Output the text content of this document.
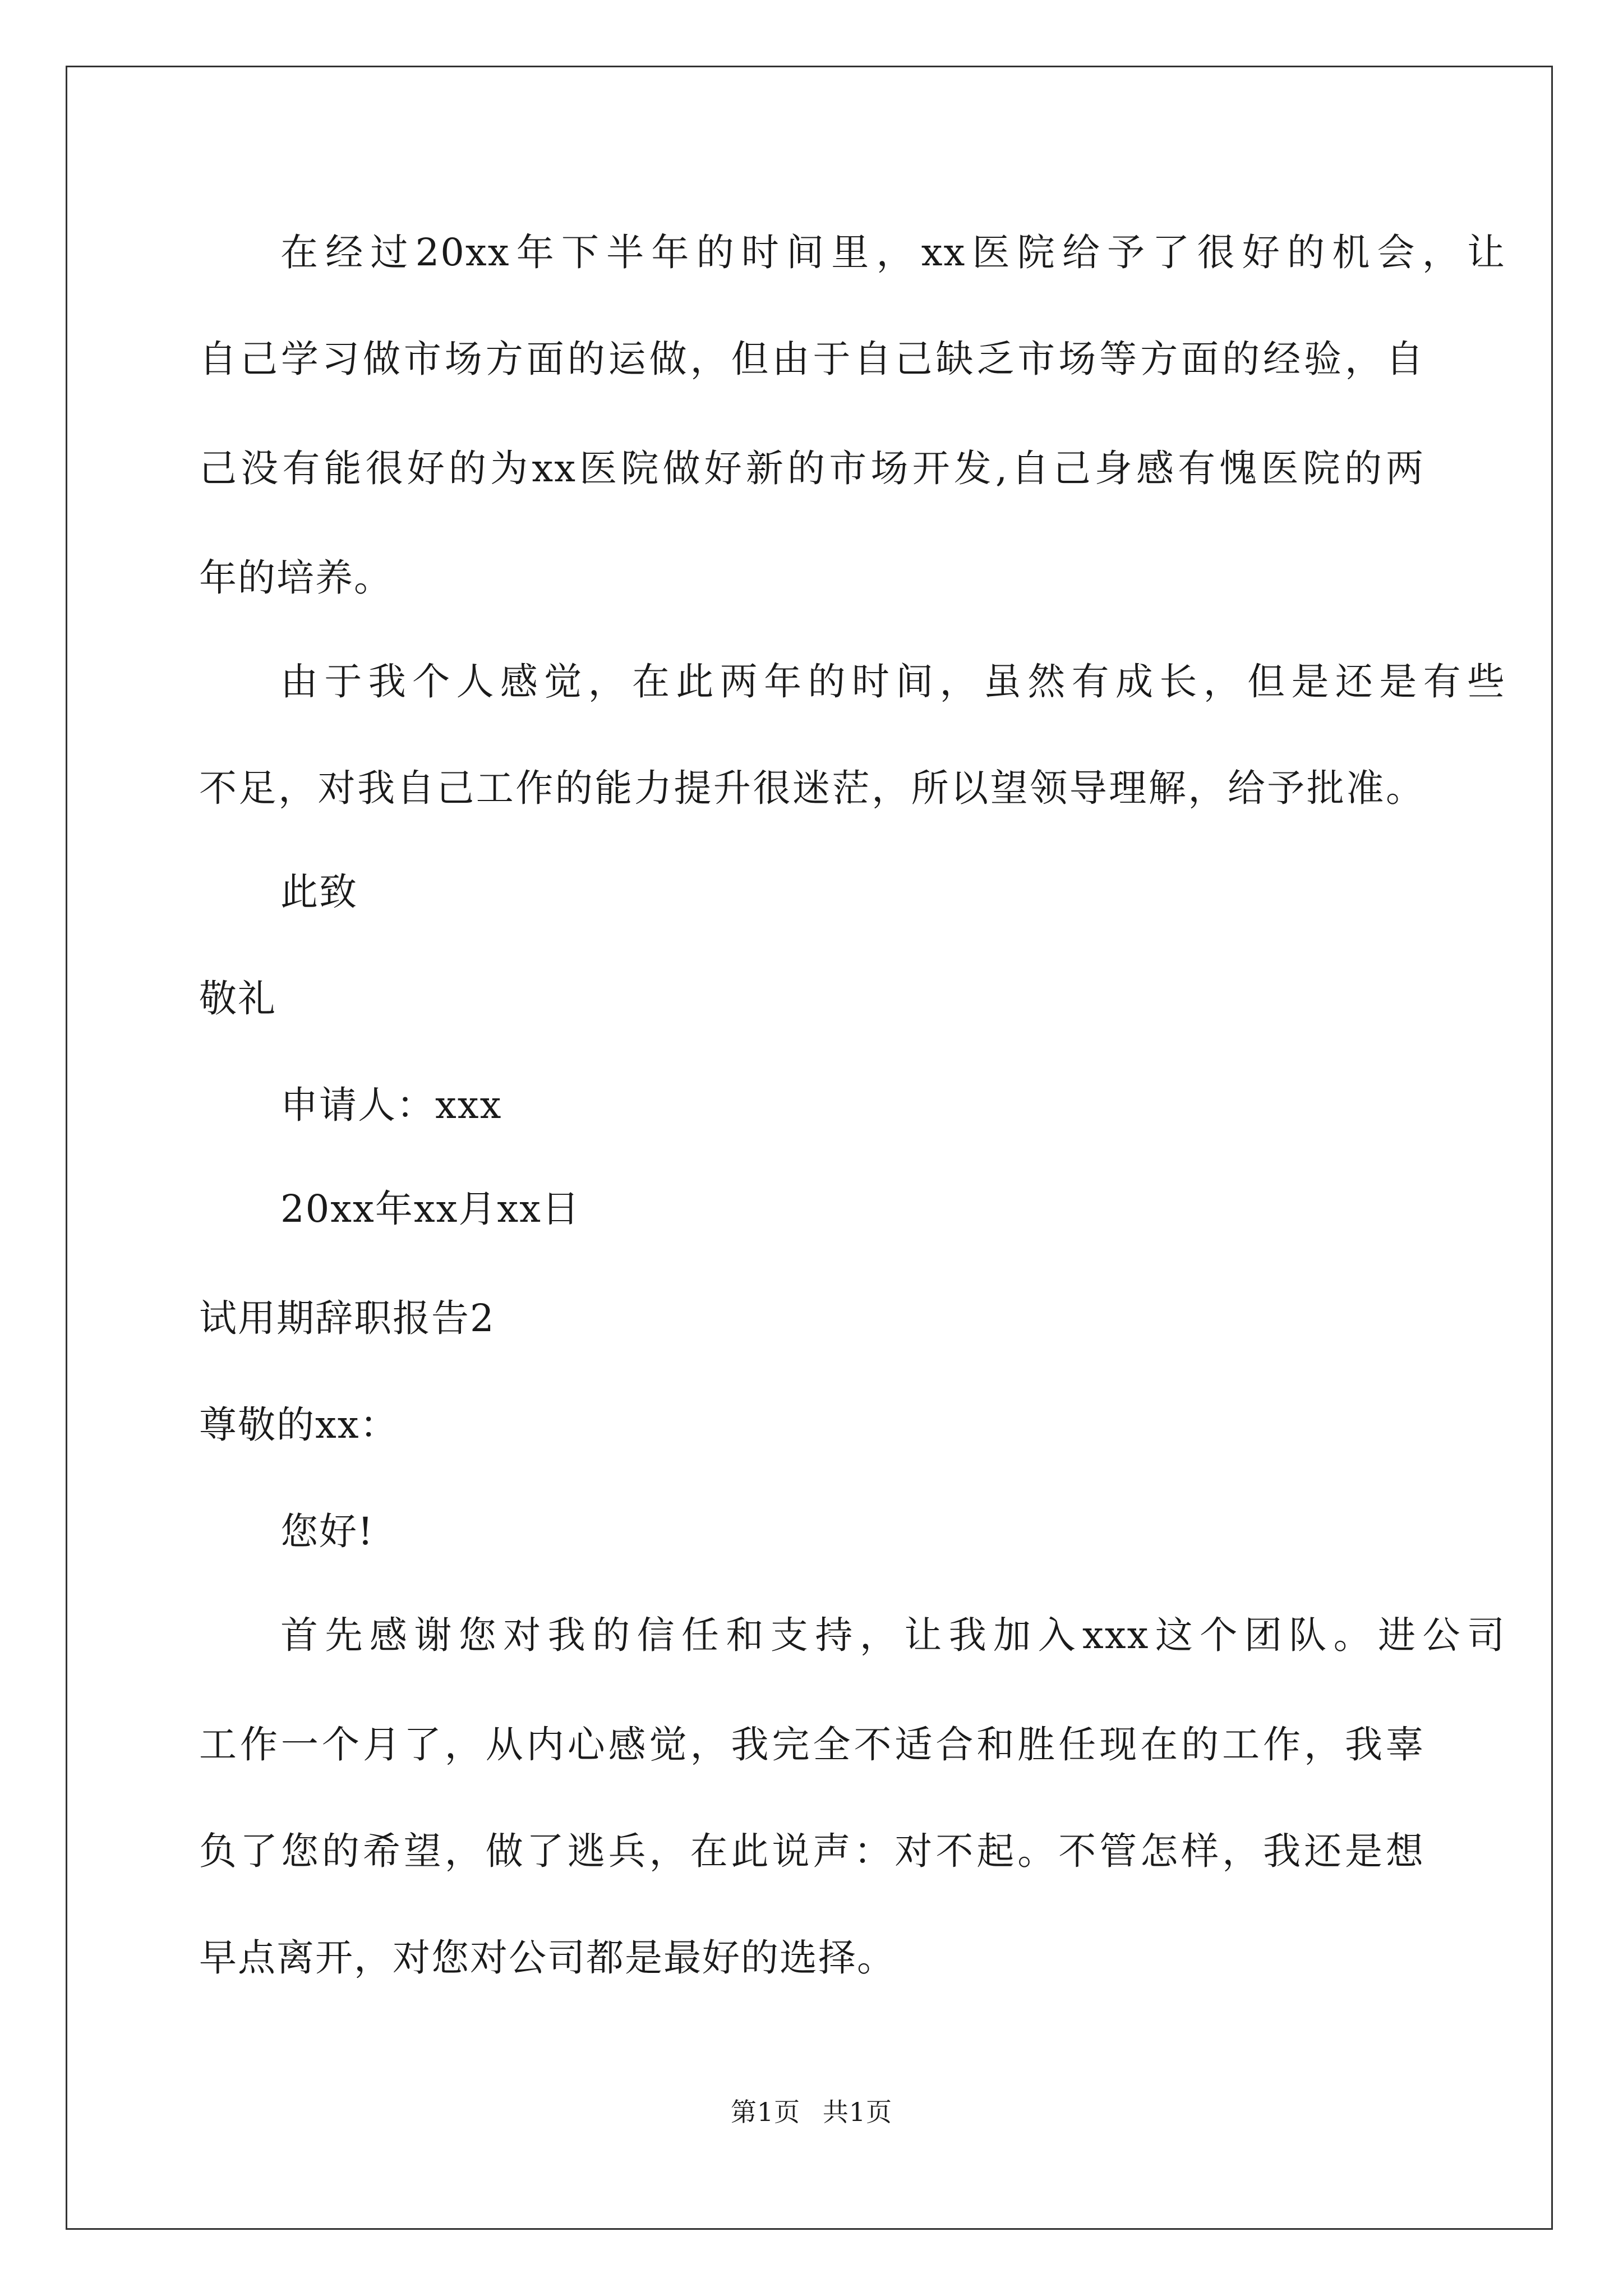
在经过20xx年下半年的时间里，xx医院给予了很好的机会，让
自己学习做市场方面的运做，但由于自己缺乏市场等方面的经验，自
己没有能很好的为xx医院做好新的市场开发,自己身感有愧医院的两
年的培养。
由于我个人感觉，在此两年的时间，虽然有成长，但是还是有些
不足，对我自己工作的能力提升很迷茫，所以望领导理解，给予批准。
此致
敬礼
申请人：xxx
20xx年xx月xx日
试用期辞职报告2
尊敬的xx：
您好!
首先感谢您对我的信任和支持，让我加入xxx这个团队。进公司
工作一个月了，从内心感觉，我完全不适合和胜任现在的工作，我辜
负了您的希望，做了逃兵，在此说声：对不起。不管怎样，我还是想
早点离开，对您对公司都是最好的选择。
第1页 共1页
